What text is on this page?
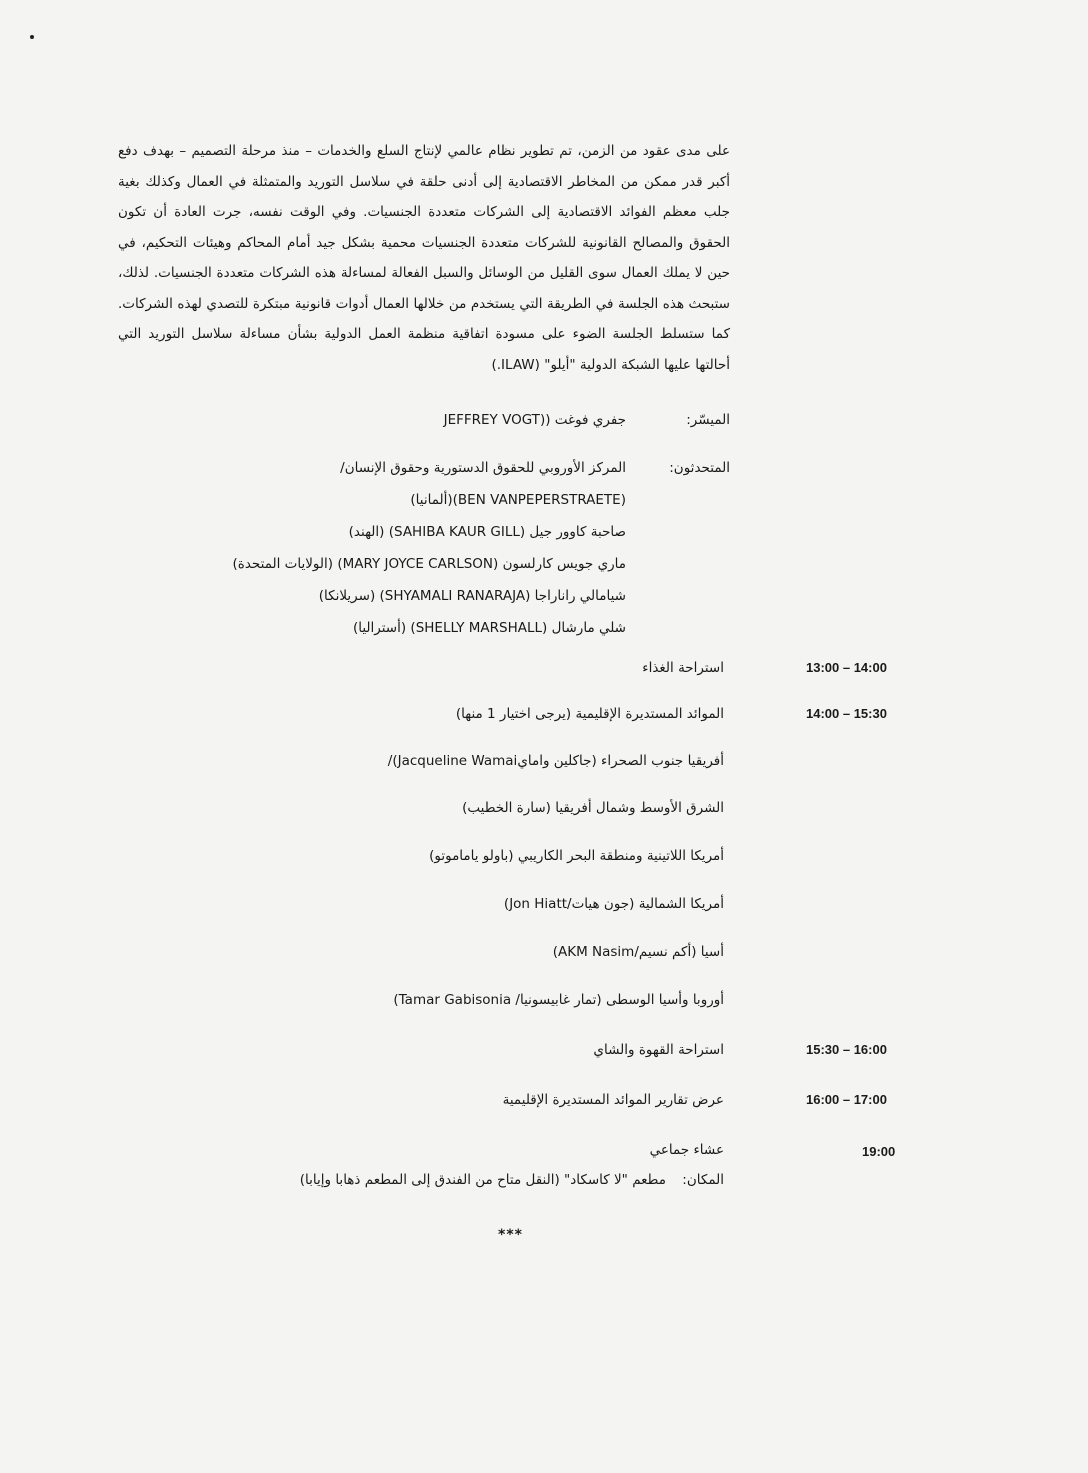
على مدى عقود من الزمن، تم تطوير نظام عالمي لإنتاج السلع والخدمات – منذ مرحلة التصميم – بهدف دفع أكبر قدر ممكن من المخاطر الاقتصادية إلى أدنى حلقة في سلاسل التوريد والمتمثلة في العمال وكذلك بغية جلب معظم الفوائد الاقتصادية إلى الشركات متعددة الجنسيات. وفي الوقت نفسه، جرت العادة أن تكون الحقوق والمصالح القانونية للشركات متعددة الجنسيات محمية بشكل جيد أمام المحاكم وهيئات التحكيم، في حين لا يملك العمال سوى القليل من الوسائل والسبل الفعالة لمساءلة هذه الشركات متعددة الجنسيات. لذلك، ستبحث هذه الجلسة في الطريقة التي يستخدم من خلالها العمال أدوات قانونية مبتكرة للتصدي لهذه الشركات. كما ستسلط الجلسة الضوء على مسودة اتفاقية منظمة العمل الدولية بشأن مساءلة سلاسل التوريد التي أحالتها عليها الشبكة الدولية "أيلو" (ILAW.)
الميسّر:
جفري فوغت ((JEFFREY VOGT
المتحدثون:
المركز الأوروبي للحقوق الدستورية وحقوق الإنسان/
(BEN VANPEPERSTRAETE)(ألمانيا)
صاحبة كاوور جيل (SAHIBA KAUR GILL) (الهند)
ماري جويس كارلسون (MARY JOYCE CARLSON) (الولايات المتحدة)
شيامالي راناراجا (SHYAMALI RANARAJA) (سريلانكا)
شلي مارشال (SHELLY MARSHALL) (أستراليا)
13:00 – 14:00
استراحة الغذاء
14:00 – 15:30
الموائد المستديرة الإقليمية (يرجى اختيار 1 منها)
أفريقيا جنوب الصحراء (جاكلين وامايJacqueline Wamai)/
الشرق الأوسط وشمال أفريقيا (سارة الخطيب)
أمريكا اللاتينية ومنطقة البحر الكاريبي (باولو ياماموتو)
أمريكا الشمالية (جون هيات/Jon Hiatt)
أسيا (أكم نسيم/AKM Nasim)
أوروبا وأسيا الوسطى (تمار غابيسونيا/ Tamar Gabisonia)
15:30 – 16:00
استراحة القهوة والشاي
16:00 – 17:00
عرض تقارير الموائد المستديرة الإقليمية
19:00
عشاء جماعي
المكان:
مطعم "لا كاسكاد" (النقل متاح من الفندق إلى المطعم ذهابا وإيابا)
***
